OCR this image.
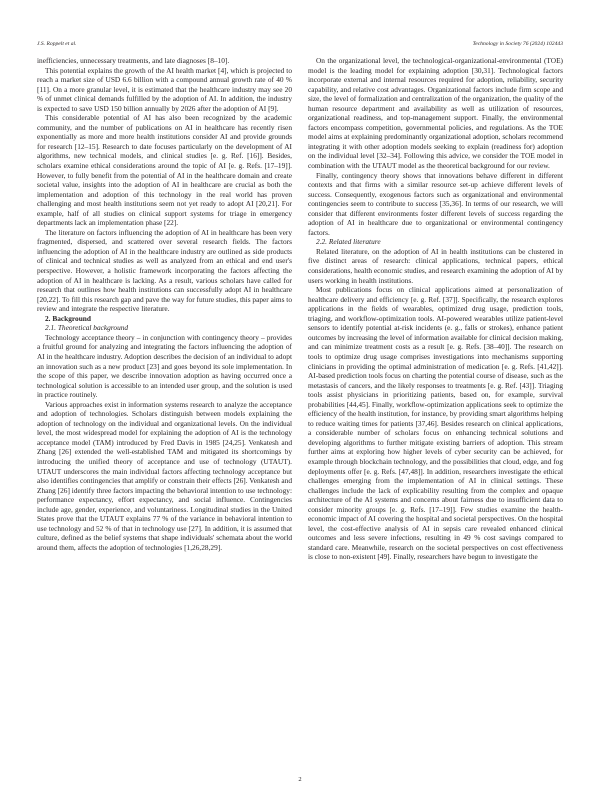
J.S. Roppelt et al.	Technology in Society 76 (2024) 102443

inefficiencies, unnecessary treatments, and late diagnoses [8–10].

This potential explains the growth of the AI health market [4], which is projected to reach a market size of USD 6.6 billion with a compound annual growth rate of 40 % [11]. On a more granular level, it is estimated that the healthcare industry may see 20 % of unmet clinical demands fulfilled by the adoption of AI. In addition, the industry is expected to save USD 150 billion annually by 2026 after the adoption of AI [9].

This considerable potential of AI has also been recognized by the academic community, and the number of publications on AI in healthcare has recently risen exponentially as more and more health institutions consider AI and provide grounds for research [12–15]. Research to date focuses particularly on the development of AI algorithms, new technical models, and clinical studies [e. g. Ref. [16]]. Besides, scholars examine ethical considerations around the topic of AI [e. g. Refs. [17–19]]. However, to fully benefit from the potential of AI in the healthcare domain and create societal value, insights into the adoption of AI in healthcare are crucial as both the implementation and adoption of this technology in the real world has proven challenging and most health institutions seem not yet ready to adopt AI [20,21]. For example, half of all studies on clinical support systems for triage in emergency departments lack an implementation phase [22].

The literature on factors influencing the adoption of AI in healthcare has been very fragmented, dispersed, and scattered over several research fields. The factors influencing the adoption of AI in the healthcare industry are outlined as side products of clinical and technical studies as well as analyzed from an ethical and end user's perspective. However, a holistic framework incorporating the factors affecting the adoption of AI in healthcare is lacking. As a result, various scholars have called for research that outlines how health institutions can successfully adopt AI in healthcare [20,22]. To fill this research gap and pave the way for future studies, this paper aims to review and integrate the respective literature.

2. Background

2.1. Theoretical background

Technology acceptance theory – in conjunction with contingency theory – provides a fruitful ground for analyzing and integrating the factors influencing the adoption of AI in the healthcare industry. Adoption describes the decision of an individual to adopt an innovation such as a new product [23] and goes beyond its sole implementation. In the scope of this paper, we describe innovation adoption as having occurred once a technological solution is accessible to an intended user group, and the solution is used in practice routinely.

Various approaches exist in information systems research to analyze the acceptance and adoption of technologies. Scholars distinguish between models explaining the adoption of technology on the individual and organizational levels. On the individual level, the most widespread model for explaining the adoption of AI is the technology acceptance model (TAM) introduced by Fred Davis in 1985 [24,25]. Venkatesh and Zhang [26] extended the well-established TAM and mitigated its shortcomings by introducing the unified theory of acceptance and use of technology (UTAUT). UTAUT underscores the main individual factors affecting technology acceptance but also identifies contingencies that amplify or constrain their effects [26]. Venkatesh and Zhang [26] identify three factors impacting the behavioral intention to use technology: performance expectancy, effort expectancy, and social influence. Contingencies include age, gender, experience, and voluntariness. Longitudinal studies in the United States prove that the UTAUT explains 77 % of the variance in behavioral intention to use technology and 52 % of that in technology use [27]. In addition, it is assumed that culture, defined as the belief systems that shape individuals' schemata about the world around them, affects the adoption of technologies [1,26,28,29].

On the organizational level, the technological-organizational-environmental (TOE) model is the leading model for explaining adoption [30,31]. Technological factors incorporate external and internal resources required for adoption, reliability, security capability, and relative cost advantages. Organizational factors include firm scope and size, the level of formalization and centralization of the organization, the quality of the human resource department and availability as well as utilization of resources, organizational readiness, and top-management support. Finally, the environmental factors encompass competition, governmental policies, and regulations. As the TOE model aims at explaining predominantly organizational adoption, scholars recommend integrating it with other adoption models seeking to explain (readiness for) adoption on the individual level [32–34]. Following this advice, we consider the TOE model in combination with the UTAUT model as the theoretical background for our review.

Finally, contingency theory shows that innovations behave different in different contexts and that firms with a similar resource set-up achieve different levels of success. Consequently, exogenous factors such as organizational and environmental contingencies seem to contribute to success [35,36]. In terms of our research, we will consider that different environments foster different levels of success regarding the adoption of AI in healthcare due to organizational or environmental contingency factors.

2.2. Related literature

Related literature, on the adoption of AI in health institutions can be clustered in five distinct areas of research: clinical applications, technical papers, ethical considerations, health economic studies, and research examining the adoption of AI by users working in health institutions.

Most publications focus on clinical applications aimed at personalization of healthcare delivery and efficiency [e. g. Ref. [37]]. Specifically, the research explores applications in the fields of wearables, optimized drug usage, prediction tools, triaging, and workflow-optimization tools. AI-powered wearables utilize patient-level sensors to identify potential at-risk incidents (e. g., falls or strokes), enhance patient outcomes by increasing the level of information available for clinical decision making, and can minimize treatment costs as a result [e. g. Refs. [38–40]]. The research on tools to optimize drug usage comprises investigations into mechanisms supporting clinicians in providing the optimal administration of medication [e. g. Refs. [41,42]]. AI-based prediction tools focus on charting the potential course of disease, such as the metastasis of cancers, and the likely responses to treatments [e. g. Ref. [43]]. Triaging tools assist physicians in prioritizing patients, based on, for example, survival probabilities [44,45]. Finally, workflow-optimization applications seek to optimize the efficiency of the health institution, for instance, by providing smart algorithms helping to reduce waiting times for patients [37,46]. Besides research on clinical applications, a considerable number of scholars focus on enhancing technical solutions and developing algorithms to further mitigate existing barriers of adoption. This stream further aims at exploring how higher levels of cyber security can be achieved, for example through blockchain technology, and the possibilities that cloud, edge, and fog deployments offer [e. g. Refs. [47,48]]. In addition, researchers investigate the ethical challenges emerging from the implementation of AI in clinical settings. These challenges include the lack of explicability resulting from the complex and opaque architecture of the AI systems and concerns about fairness due to insufficient data to consider minority groups [e. g. Refs. [17–19]]. Few studies examine the health-economic impact of AI covering the hospital and societal perspectives. On the hospital level, the cost-effective analysis of AI in sepsis care revealed enhanced clinical outcomes and less severe infections, resulting in 49 % cost savings compared to standard care. Meanwhile, research on the societal perspectives on cost effectiveness is close to non-existent [49]. Finally, researchers have begun to investigate the

2
